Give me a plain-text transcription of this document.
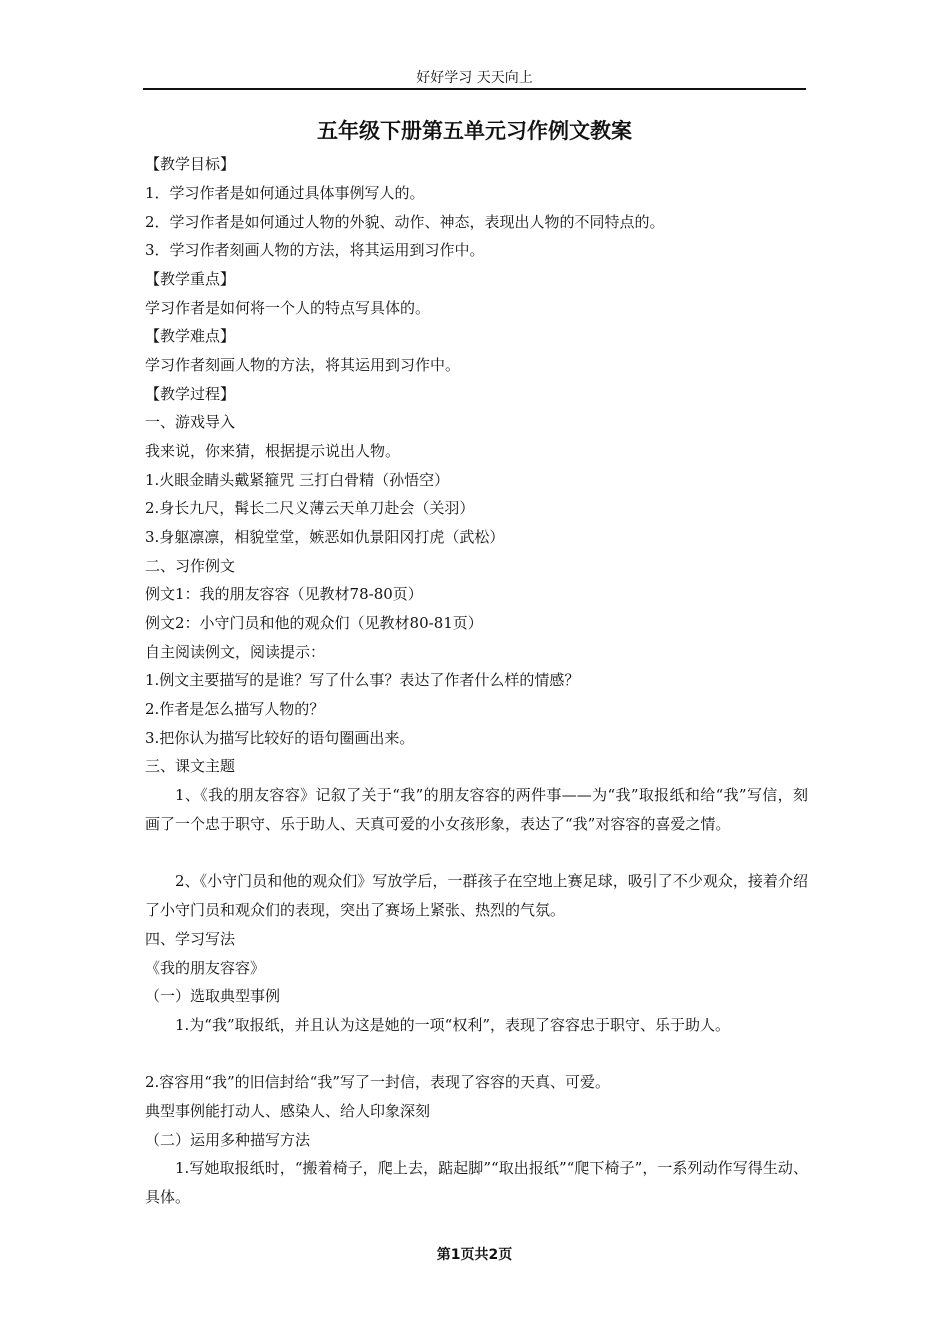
好好学习 天天向上
五年级下册第五单元习作例文教案
【教学目标】
1．学习作者是如何通过具体事例写人的。
2．学习作者是如何通过人物的外貌、动作、神态，表现出人物的不同特点的。
3．学习作者刻画人物的方法，将其运用到习作中。
【教学重点】
学习作者是如何将一个人的特点写具体的。
【教学难点】
学习作者刻画人物的方法，将其运用到习作中。
【教学过程】
一、游戏导入
我来说，你来猜，根据提示说出人物。
1.火眼金睛头戴紧箍咒 三打白骨精（孙悟空）
2.身长九尺，髯长二尺义薄云天单刀赴会（关羽）
3.身躯凛凛，相貌堂堂，嫉恶如仇景阳冈打虎（武松）
二、习作例文
例文1：我的朋友容容（见教材78-80页）
例文2：小守门员和他的观众们（见教材80-81页）
自主阅读例文，阅读提示：
1.例文主要描写的是谁？写了什么事？表达了作者什么样的情感？
2.作者是怎么描写人物的？
3.把你认为描写比较好的语句圈画出来。
三、课文主题
1、《我的朋友容容》记叙了关于“我”的朋友容容的两件事——为“我”取报纸和给“我”写信，刻画了一个忠于职守、乐于助人、天真可爱的小女孩形象，表达了“我”对容容的喜爱之情。
2、《小守门员和他的观众们》写放学后，一群孩子在空地上赛足球，吸引了不少观众，接着介绍了小守门员和观众们的表现，突出了赛场上紧张、热烈的气氛。
四、学习写法
《我的朋友容容》
（一）选取典型事例
1.为“我”取报纸，并且认为这是她的一项“权利”，表现了容容忠于职守、乐于助人。
2.容容用“我”的旧信封给“我”写了一封信，表现了容容的天真、可爱。
典型事例能打动人、感染人、给人印象深刻
（二）运用多种描写方法
1.写她取报纸时，“搬着椅子，爬上去，踮起脚”“取出报纸”“爬下椅子”，一系列动作写得生动、具体。
第1页共2页
